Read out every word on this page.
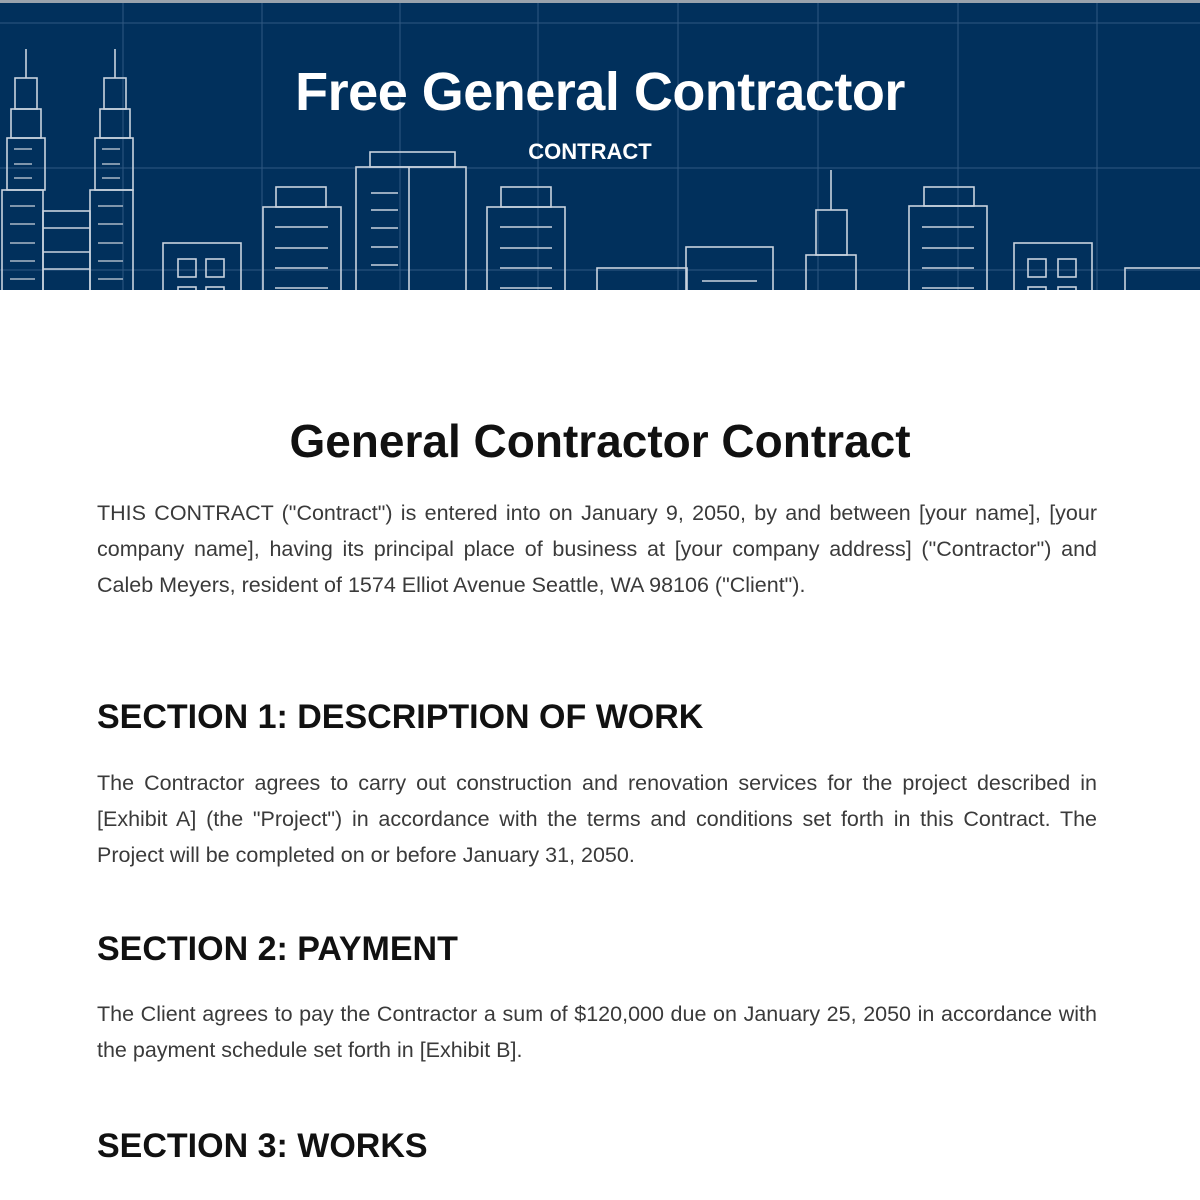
Free General Contractor
CONTRACT
General Contractor Contract

THIS CONTRACT ("Contract") is entered into on January 9, 2050, by and between [your name], [your company name], having its principal place of business at [your company address] ("Contractor") and Caleb Meyers, resident of 1574 Elliot Avenue Seattle, WA 98106 ("Client").

SECTION 1: DESCRIPTION OF WORK

The Contractor agrees to carry out construction and renovation services for the project described in [Exhibit A] (the "Project") in accordance with the terms and conditions set forth in this Contract. The Project will be completed on or before January 31, 2050.

SECTION 2: PAYMENT

The Client agrees to pay the Contractor a sum of $120,000 due on January 25, 2050 in accordance with the payment schedule set forth in [Exhibit B].

SECTION 3: WORKS
